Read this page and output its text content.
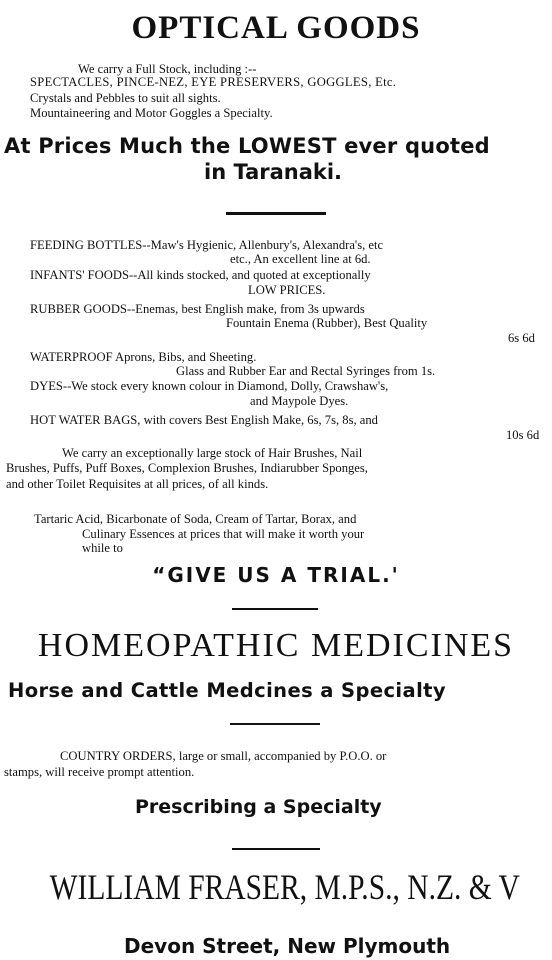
OPTICAL GOODS
We carry a Full Stock, including :--
SPECTACLES, PINCE-NEZ, EYE PRESERVERS, GOGGLES, Etc.
Crystals and Pebbles to suit all sights.
Mountaineering and Motor Goggles a Specialty.
At Prices Much the LOWEST ever quoted
in Taranaki.
FEEDING BOTTLES--Maw's Hygienic, Allenbury's, Alexandra's, etc
etc., An excellent line at 6d.
INFANTS' FOODS--All kinds stocked, and quoted at exceptionally
LOW PRICES.
RUBBER GOODS--Enemas, best English make, from 3s upwards
Fountain Enema (Rubber), Best Quality
6s 6d
WATERPROOF Aprons, Bibs, and Sheeting.
Glass and Rubber Ear and Rectal Syringes from 1s.
DYES--We stock every known colour in Diamond, Dolly, Crawshaw's,
and Maypole Dyes.
HOT WATER BAGS, with covers Best English Make, 6s, 7s, 8s, and
10s 6d
We carry an exceptionally large stock of Hair Brushes, Nail
Brushes, Puffs, Puff Boxes, Complexion Brushes, Indiarubber Sponges,
and other Toilet Requisites at all prices, of all kinds.
Tartaric Acid, Bicarbonate of Soda, Cream of Tartar, Borax, and
Culinary Essences at prices that will make it worth your
while to
“GIVE US A TRIAL.'
HOMEOPATHIC MEDICINES
Horse and Cattle Medcines a Specialty
COUNTRY ORDERS, large or small, accompanied by P.O.O. or
stamps, will receive prompt attention.
Prescribing a Specialty
WILLIAM FRASER, M.P.S., N.Z. & V
Devon Street, New Plymouth
